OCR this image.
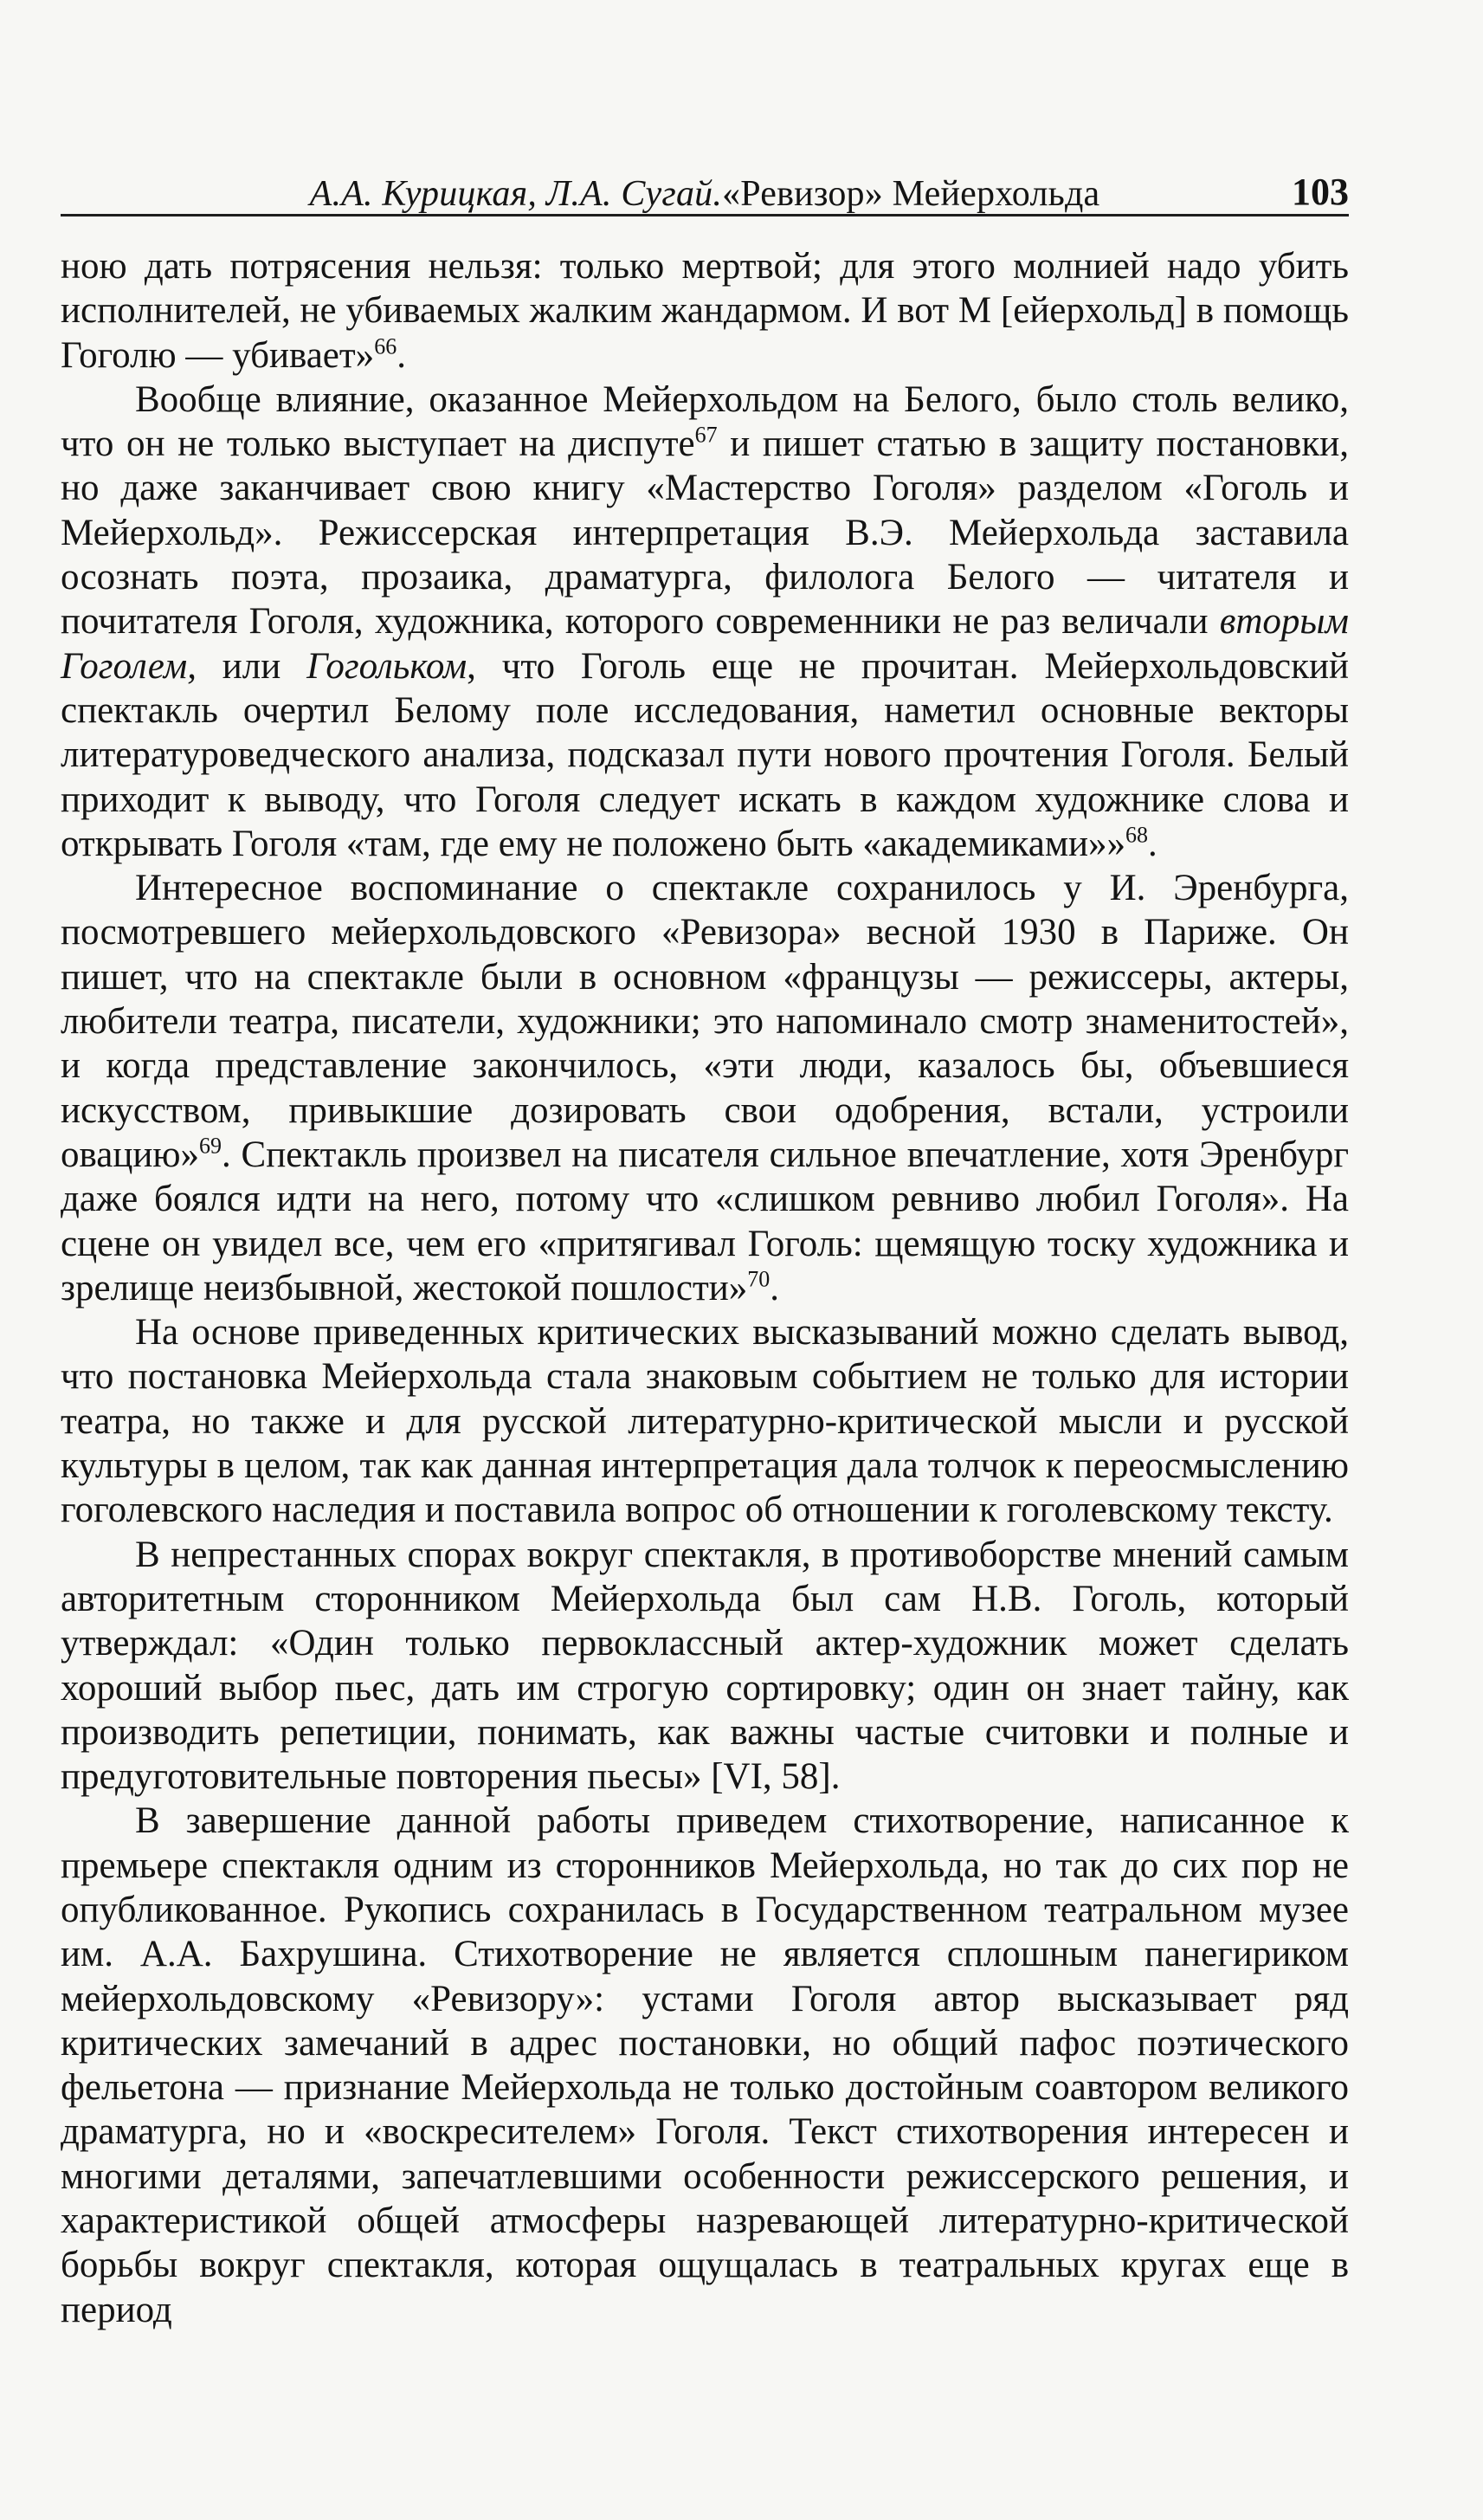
А.А. Курицкая, Л.А. Сугай.«Ревизор» Мейерхольда	103

ною дать потрясения нельзя: только мертвой; для этого молнией надо убить исполнителей, не убиваемых жалким жандармом. И вот М [ейерхольд] в помощь Гоголю — убивает»$^{66}$.

Вообще влияние, оказанное Мейерхольдом на Белого, было столь велико, что он не только выступает на диспуте$^{67}$ и пишет статью в защиту постановки, но даже заканчивает свою книгу «Мастерство Гоголя» разделом «Гоголь и Мейерхольд». Режиссерская интерпретация В.Э. Мейерхольда заставила осознать поэта, прозаика, драматурга, филолога Белого — читателя и почитателя Гоголя, художника, которого современники не раз величали вторым Гоголем, или Гогольком, что Гоголь еще не прочитан. Мейерхольдовский спектакль очертил Белому поле исследования, наметил основные векторы литературоведческого анализа, подсказал пути нового прочтения Гоголя. Белый приходит к выводу, что Гоголя следует искать в каждом художнике слова и открывать Гоголя «там, где ему не положено быть «академиками»»$^{68}$.

Интересное воспоминание о спектакле сохранилось у И. Эренбурга, посмотревшего мейерхольдовского «Ревизора» весной 1930 в Париже. Он пишет, что на спектакле были в основном «французы — режиссеры, актеры, любители театра, писатели, художники; это напоминало смотр знаменитостей», и когда представление закончилось, «эти люди, казалось бы, объевшиеся искусством, привыкшие дозировать свои одобрения, встали, устроили овацию»$^{69}$. Спектакль произвел на писателя сильное впечатление, хотя Эренбург даже боялся идти на него, потому что «слишком ревниво любил Гоголя». На сцене он увидел все, чем его «притягивал Гоголь: щемящую тоску художника и зрелище неизбывной, жестокой пошлости»$^{70}$.

На основе приведенных критических высказываний можно сделать вывод, что постановка Мейерхольда стала знаковым событием не только для истории театра, но также и для русской литературно-критической мысли и русской культуры в целом, так как данная интерпретация дала толчок к переосмыслению гоголевского наследия и поставила вопрос об отношении к гоголевскому тексту.

В непрестанных спорах вокруг спектакля, в противоборстве мнений самым авторитетным сторонником Мейерхольда был сам Н.В. Гоголь, который утверждал: «Один только первоклассный актер-художник может сделать хороший выбор пьес, дать им строгую сортировку; один он знает тайну, как производить репетиции, понимать, как важны частые считовки и полные и предуготовительные повторения пьесы» [VI, 58].

В завершение данной работы приведем стихотворение, написанное к премьере спектакля одним из сторонников Мейерхольда, но так до сих пор не опубликованное. Рукопись сохранилась в Государственном театральном музее им. А.А. Бахрушина. Стихотворение не является сплошным панегириком мейерхольдовскому «Ревизору»: устами Гоголя автор высказывает ряд критических замечаний в адрес постановки, но общий пафос поэтического фельетона — признание Мейерхольда не только достойным соавтором великого драматурга, но и «воскресителем» Гоголя. Текст стихотворения интересен и многими деталями, запечатлевшими особенности режиссерского решения, и характеристикой общей атмосферы назревающей литературно-критической борьбы вокруг спектакля, которая ощущалась в театральных кругах еще в период
